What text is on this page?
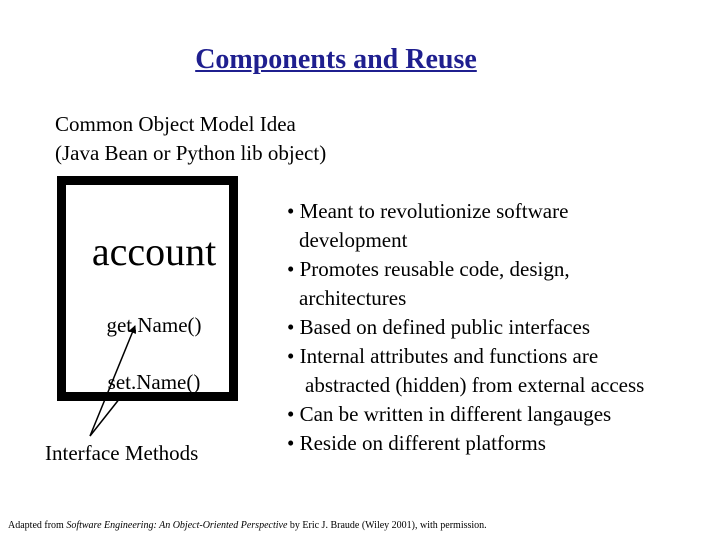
Components and Reuse
Common Object Model Idea
(Java Bean or Python lib object)
account
get.Name()
set.Name()
Interface Methods
• Meant to revolutionize software
development
• Promotes reusable code, design,
architectures
• Based on defined public interfaces
• Internal attributes and functions are
abstracted (hidden) from external access
• Can be written in different langauges
• Reside on different platforms
Adapted from Software Engineering: An Object-Oriented Perspective by Eric J. Braude (Wiley 2001), with permission.
